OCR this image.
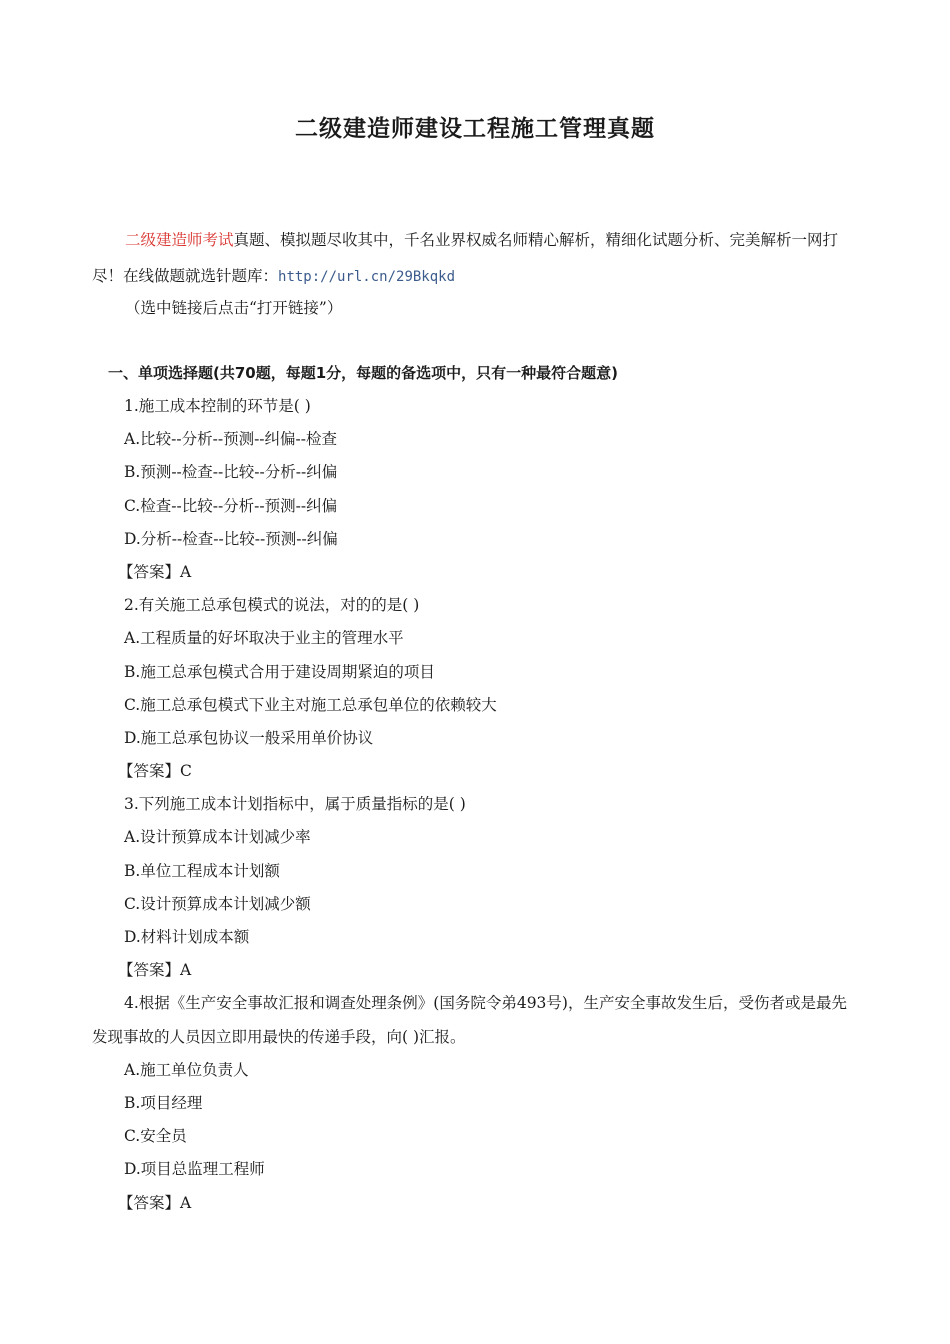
二级建造师建设工程施工管理真题

二级建造师考试真题、模拟题尽收其中，千名业界权威名师精心解析，精细化试题分析、完美解析一网打尽！在线做题就选针题库：http://url.cn/29Bkqkd

（选中链接后点击“打开链接”）

一、单项选择题(共70题，每题1分，每题的备选项中，只有一种最符合题意)
1.施工成本控制的环节是( )
A.比较--分析--预测--纠偏--检查
B.预测--检查--比较--分析--纠偏
C.检查--比较--分析--预测--纠偏
D.分析--检查--比较--预测--纠偏
【答案】A
2.有关施工总承包模式的说法，对的的是( )
A.工程质量的好坏取决于业主的管理水平
B.施工总承包模式合用于建设周期紧迫的项目
C.施工总承包模式下业主对施工总承包单位的依赖较大
D.施工总承包协议一般采用单价协议
【答案】C
3.下列施工成本计划指标中，属于质量指标的是( )
A.设计预算成本计划减少率
B.单位工程成本计划额
C.设计预算成本计划减少额
D.材料计划成本额
【答案】A
4.根据《生产安全事故汇报和调查处理条例》(国务院令弟493号)，生产安全事故发生后，受伤者或是最先发现事故的人员因立即用最快的传递手段，向( )汇报。
A.施工单位负责人
B.项目经理
C.安全员
D.项目总监理工程师
【答案】A
